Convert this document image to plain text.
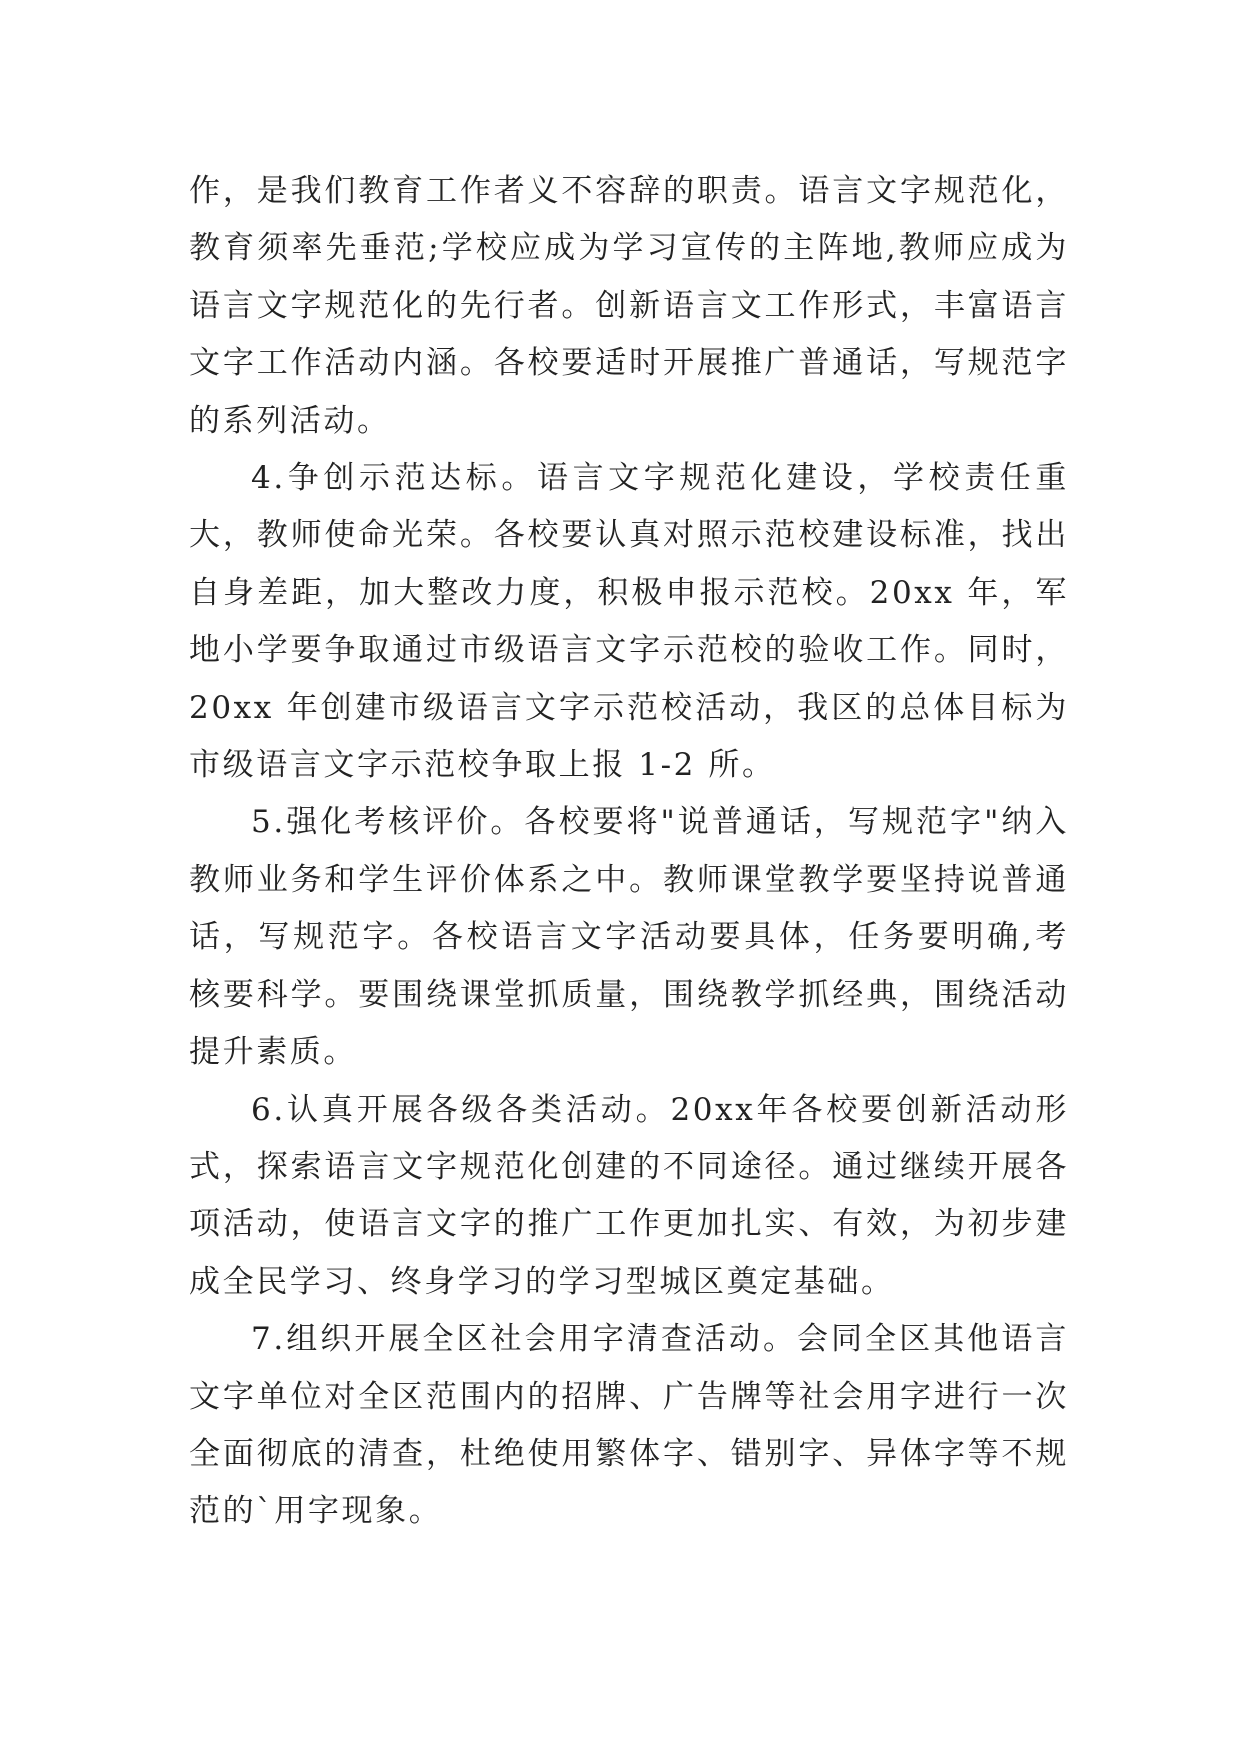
作，是我们教育工作者义不容辞的职责。语言文字规范化，教育须率先垂范;学校应成为学习宣传的主阵地,教师应成为语言文字规范化的先行者。创新语言文工作形式，丰富语言文字工作活动内涵。各校要适时开展推广普通话，写规范字的系列活动。

4.争创示范达标。语言文字规范化建设，学校责任重大，教师使命光荣。各校要认真对照示范校建设标准，找出自身差距，加大整改力度，积极申报示范校。20xx 年，军地小学要争取通过市级语言文字示范校的验收工作。同时，20xx 年创建市级语言文字示范校活动，我区的总体目标为市级语言文字示范校争取上报 1-2 所。

5.强化考核评价。各校要将"说普通话，写规范字"纳入教师业务和学生评价体系之中。教师课堂教学要坚持说普通话，写规范字。各校语言文字活动要具体，任务要明确,考核要科学。要围绕课堂抓质量，围绕教学抓经典，围绕活动提升素质。

6.认真开展各级各类活动。20xx年各校要创新活动形式，探索语言文字规范化创建的不同途径。通过继续开展各项活动，使语言文字的推广工作更加扎实、有效，为初步建成全民学习、终身学习的学习型城区奠定基础。

7.组织开展全区社会用字清查活动。会同全区其他语言文字单位对全区范围内的招牌、广告牌等社会用字进行一次全面彻底的清查，杜绝使用繁体字、错别字、异体字等不规范的`用字现象。
